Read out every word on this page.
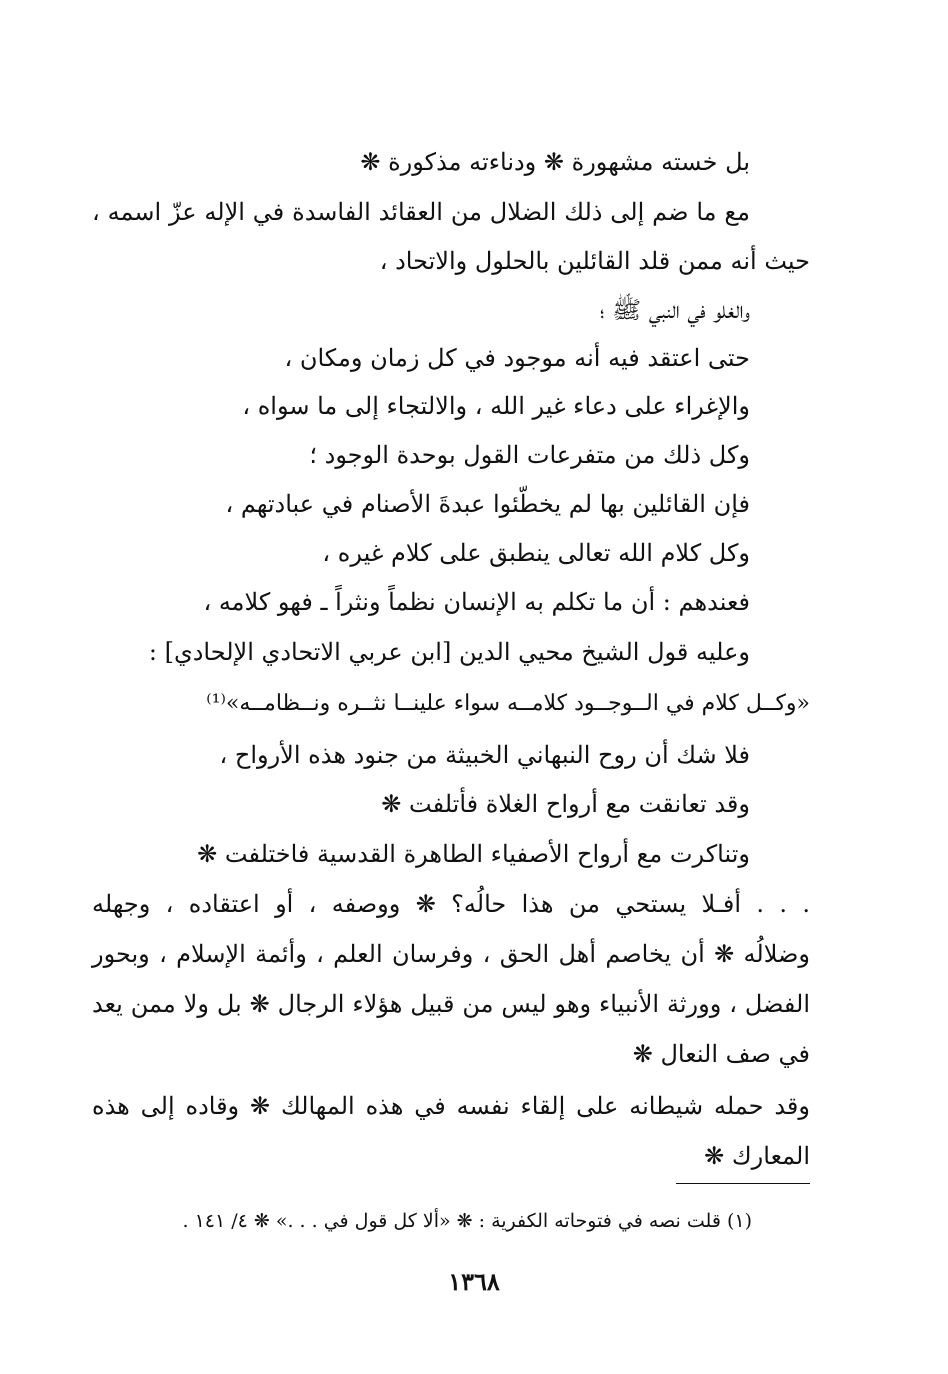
بل خسته مشهورة ❋ ودناءته مذكورة ❋
مع ما ضم إلى ذلك الضلال من العقائد الفاسدة في الإله عزّ اسمه ،
حيث أنه ممن قلد القائلين بالحلول والاتحاد ،
والغلو في النبي ﷺ ؛
حتى اعتقد فيه أنه موجود في كل زمان ومكان ،
والإغراء على دعاء غير الله ، والالتجاء إلى ما سواه ،
وكل ذلك من متفرعات القول بوحدة الوجود ؛
فإن القائلين بها لم يخطّئوا عبدةَ الأصنام في عبادتهم ،
وكل كلام الله تعالى ينطبق على كلام غيره ،
فعندهم : أن ما تكلم به الإنسان نظماً ونثراً ـ فهو كلامه ،
وعليه قول الشيخ محيي الدين [ابن عربي الاتحادي الإلحادي] :
«وكــل كلام في الــوجــود كلامــه سواء علينــا نثــره ونــظامــه»⁽¹⁾
فلا شك أن روح النبهاني الخبيثة من جنود هذه الأرواح ،
وقد تعانقت مع أرواح الغلاة فأتلفت ❋
وتناكرت مع أرواح الأصفياء الطاهرة القدسية فاختلفت ❋
. . . أفـلا يستحي من هذا حالُه؟ ❋ ووصفه ، أو اعتقاده ، وجهله
وضلالُه ❋ أن يخاصم أهل الحق ، وفرسان العلم ، وأئمة الإسلام ، وبحور
الفضل ، وورثة الأنبياء وهو ليس من قبيل هؤلاء الرجال ❋ بل ولا ممن يعد
في صف النعال ❋
وقد حمله شيطانه على إلقاء نفسه في هذه المهالك ❋ وقاده إلى هذه
المعارك ❋
(١) قلت نصه في فتوحاته الكفرية : ❋ «ألا كل قول في . . .» ❋ ٤/ ١٤١ .
١٣٦٨
